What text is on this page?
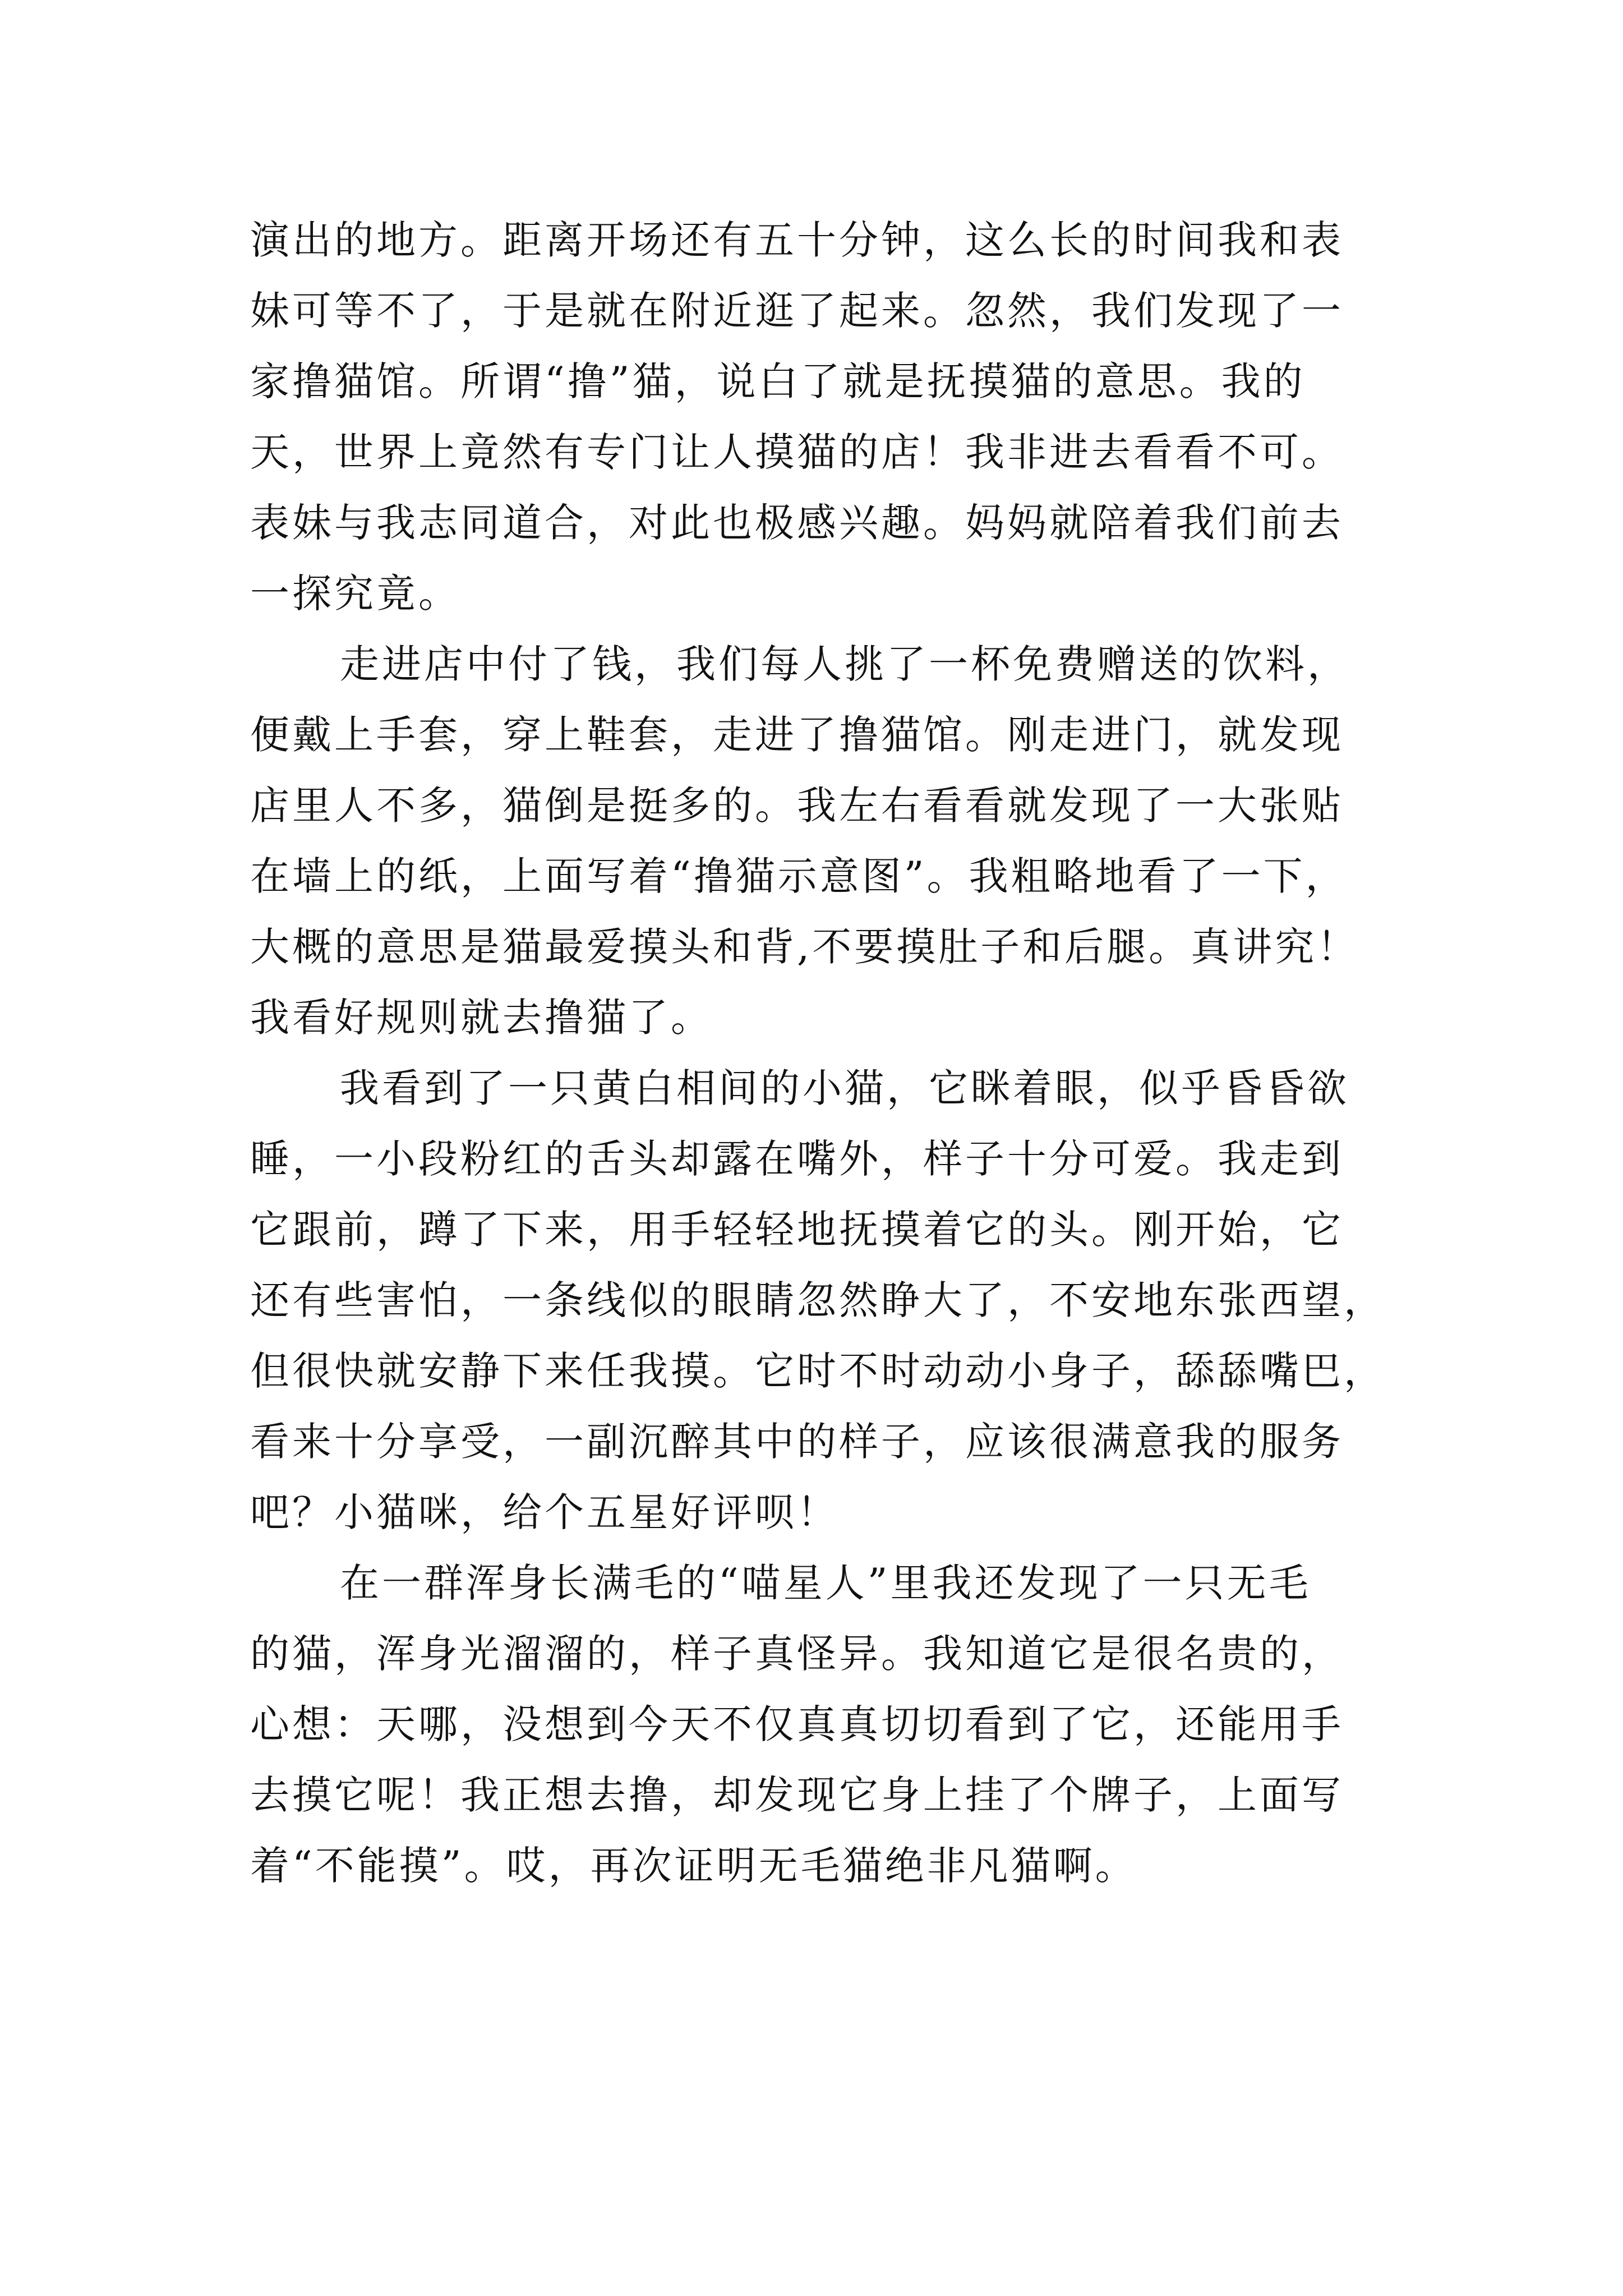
演出的地方。距离开场还有五十分钟，这么长的时间我和表
妹可等不了，于是就在附近逛了起来。忽然，我们发现了一
家撸猫馆。所谓“撸”猫，说白了就是抚摸猫的意思。我的
天，世界上竟然有专门让人摸猫的店！我非进去看看不可。
表妹与我志同道合，对此也极感兴趣。妈妈就陪着我们前去
一探究竟。
走进店中付了钱，我们每人挑了一杯免费赠送的饮料，
便戴上手套，穿上鞋套，走进了撸猫馆。刚走进门，就发现
店里人不多，猫倒是挺多的。我左右看看就发现了一大张贴
在墙上的纸，上面写着“撸猫示意图”。我粗略地看了一下，
大概的意思是猫最爱摸头和背,不要摸肚子和后腿。真讲究！
我看好规则就去撸猫了。
我看到了一只黄白相间的小猫，它眯着眼，似乎昏昏欲
睡，一小段粉红的舌头却露在嘴外，样子十分可爱。我走到
它跟前，蹲了下来，用手轻轻地抚摸着它的头。刚开始，它
还有些害怕，一条线似的眼睛忽然睁大了，不安地东张西望，
但很快就安静下来任我摸。它时不时动动小身子，舔舔嘴巴，
看来十分享受，一副沉醉其中的样子，应该很满意我的服务
吧？小猫咪，给个五星好评呗！
在一群浑身长满毛的“喵星人”里我还发现了一只无毛
的猫，浑身光溜溜的，样子真怪异。我知道它是很名贵的，
心想：天哪，没想到今天不仅真真切切看到了它，还能用手
去摸它呢！我正想去撸，却发现它身上挂了个牌子，上面写
着“不能摸”。哎，再次证明无毛猫绝非凡猫啊。
